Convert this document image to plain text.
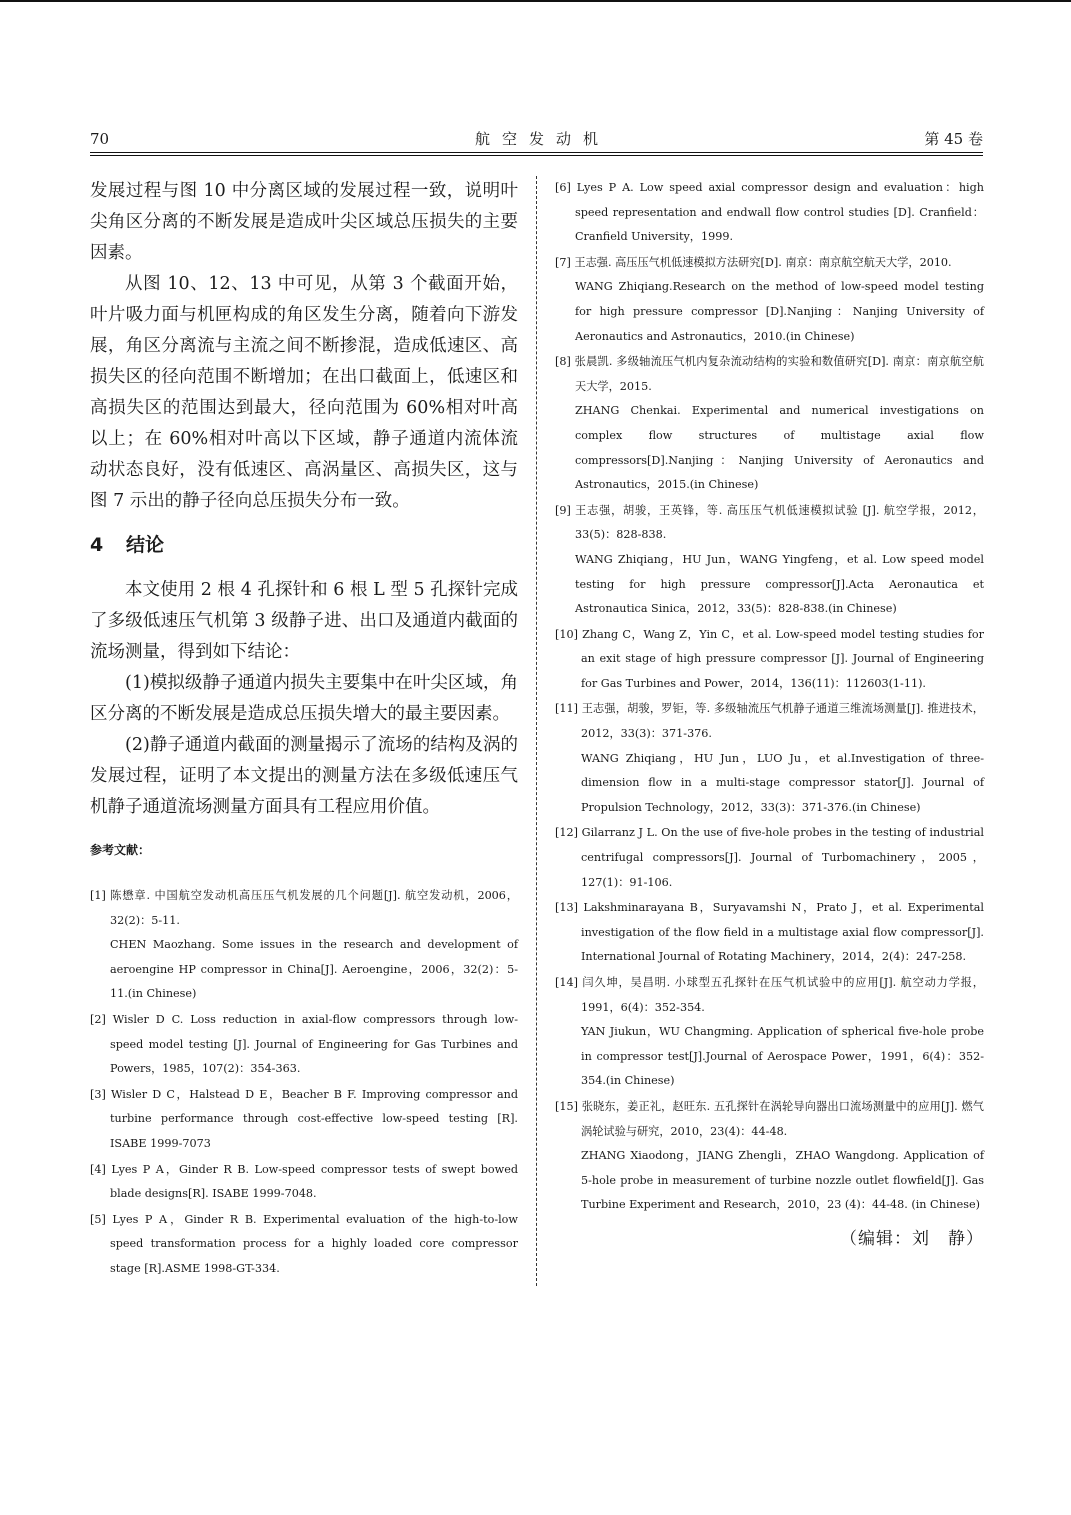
70	航空发动机	第 45 卷

发展过程与图 10 中分离区域的发展过程一致，说明叶尖角区分离的不断发展是造成叶尖区域总压损失的主要因素。

从图 10、12、13 中可见，从第 3 个截面开始，叶片吸力面与机匣构成的角区发生分离，随着向下游发展，角区分离流与主流之间不断掺混，造成低速区、高损失区的径向范围不断增加；在出口截面上，低速区和高损失区的范围达到最大，径向范围为 60%相对叶高以上；在 60%相对叶高以下区域，静子通道内流体流动状态良好，没有低速区、高涡量区、高损失区，这与图 7 示出的静子径向总压损失分布一致。

4 结论

本文使用 2 根 4 孔探针和 6 根 L 型 5 孔探针完成了多级低速压气机第 3 级静子进、出口及通道内截面的流场测量，得到如下结论：

(1)模拟级静子通道内损失主要集中在叶尖区域，角区分离的不断发展是造成总压损失增大的最主要因素。

(2)静子通道内截面的测量揭示了流场的结构及涡的发展过程，证明了本文提出的测量方法在多级低速压气机静子通道流场测量方面具有工程应用价值。

参考文献：
[1] 陈懋章. 中国航空发动机高压压气机发展的几个问题[J]. 航空发动机，2006，32(2)：5-11.
CHEN Maozhang. Some issues in the research and development of aeroengine HP compressor in China[J]. Aeroengine，2006，32(2)：5-11.(in Chinese)
[2] Wisler D C. Loss reduction in axial-flow compressors through low-speed model testing [J]. Journal of Engineering for Gas Turbines and Powers，1985，107(2)：354-363.
[3] Wisler D C，Halstead D E，Beacher B F. Improving compressor and turbine performance through cost-effective low-speed testing [R]. ISABE 1999-7073
[4] Lyes P A，Ginder R B. Low-speed compressor tests of swept bowed blade designs[R]. ISABE 1999-7048.
[5] Lyes P A，Ginder R B. Experimental evaluation of the high-to-low speed transformation process for a highly loaded core compressor stage [R].ASME 1998-GT-334.
[6] Lyes P A. Low speed axial compressor design and evaluation：high speed representation and endwall flow control studies [D]. Cranfield：Cranfield University，1999.
[7] 王志强. 高压压气机低速模拟方法研究[D]. 南京：南京航空航天大学，2010.
WANG Zhiqiang.Research on the method of low-speed model testing for high pressure compressor [D].Nanjing：Nanjing University of Aeronautics and Astronautics，2010.(in Chinese)
[8] 张晨凯. 多级轴流压气机内复杂流动结构的实验和数值研究[D]. 南京：南京航空航天大学，2015.
ZHANG Chenkai. Experimental and numerical investigations on complex flow structures of multistage axial flow compressors[D].Nanjing：Nanjing University of Aeronautics and Astronautics，2015.(in Chinese)
[9] 王志强，胡骏，王英锋，等. 高压压气机低速模拟试验 [J]. 航空学报，2012，33(5)：828-838.
WANG Zhiqiang，HU Jun，WANG Yingfeng，et al. Low speed model testing for high pressure compressor[J].Acta Aeronautica et Astronautica Sinica，2012，33(5)：828-838.(in Chinese)
[10] Zhang C，Wang Z，Yin C，et al. Low-speed model testing studies for an exit stage of high pressure compressor [J]. Journal of Engineering for Gas Turbines and Power，2014，136(11)：112603(1-11).
[11] 王志强，胡骏，罗钜，等. 多级轴流压气机静子通道三维流场测量[J]. 推进技术，2012，33(3)：371-376.
WANG Zhiqiang，HU Jun，LUO Ju，et al.Investigation of three-dimension flow in a multi-stage compressor stator[J]. Journal of Propulsion Technology，2012，33(3)：371-376.(in Chinese)
[12] Gilarranz J L. On the use of five-hole probes in the testing of industrial centrifugal compressors[J]. Journal of Turbomachinery，2005，127(1)：91-106.
[13] Lakshminarayana B，Suryavamshi N，Prato J，et al. Experimental investigation of the flow field in a multistage axial flow compressor[J]. International Journal of Rotating Machinery，2014，2(4)：247-258.
[14] 闫久坤，吴昌明. 小球型五孔探针在压气机试验中的应用[J]. 航空动力学报，1991，6(4)：352-354.
YAN Jiukun，WU Changming. Application of spherical five-hole probe in compressor test[J].Journal of Aerospace Power，1991，6(4)：352-354.(in Chinese)
[15] 张晓东，姜正礼，赵旺东. 五孔探针在涡轮导向器出口流场测量中的应用[J]. 燃气涡轮试验与研究，2010，23(4)：44-48.
ZHANG Xiaodong，JIANG Zhengli，ZHAO Wangdong. Application of 5-hole probe in measurement of turbine nozzle outlet flowfield[J]. Gas Turbine Experiment and Research，2010，23 (4)：44-48. (in Chinese)
（编辑：刘　静）
